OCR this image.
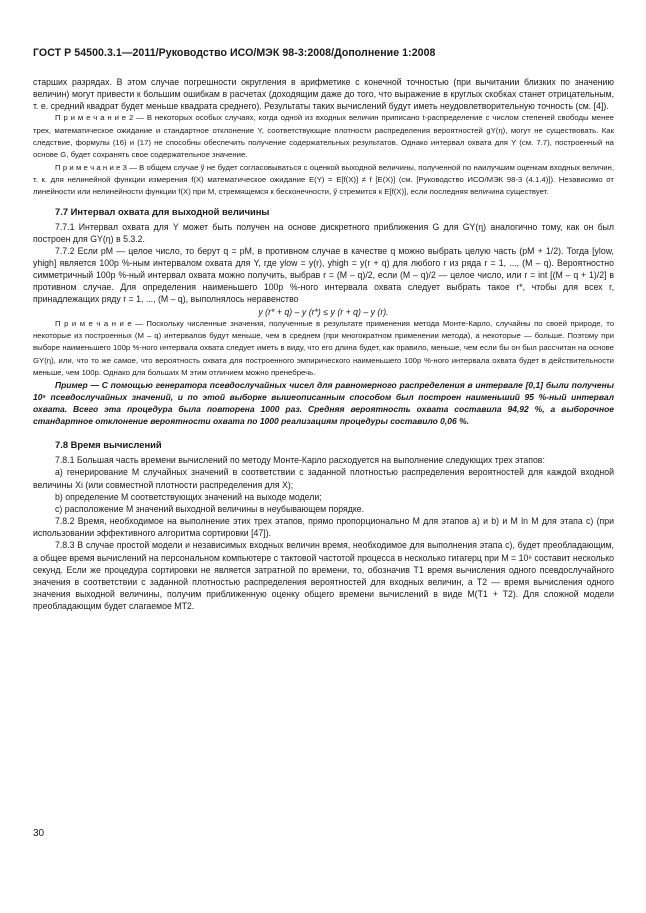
ГОСТ Р 54500.3.1—2011/Руководство ИСО/МЭК 98-3:2008/Дополнение 1:2008

старших разрядах. В этом случае погрешности округления в арифметике с конечной точностью (при вычитании близких по значению величин) могут привести к большим ошибкам в расчетах (доходящим даже до того, что выражение в круглых скобках станет отрицательным, т. е. средний квадрат будет меньше квадрата среднего). Результаты таких вычислений будут иметь неудовлетворительную точность (см. [4]).

П р и м е ч а н и е 2 — В некоторых особых случаях, когда одной из входных величин приписано t-распределение с числом степеней свободы менее трех, математическое ожидание и стандартное отклонение Y, соответствующие плотности распределения вероятностей gY(η), могут не существовать. Как следствие, формулы (16) и (17) не способны обеспечить получение содержательных результатов. Однако интервал охвата для Y (см. 7.7), построенный на основе G, будет сохранять свое содержательное значение.

П р и м е ч а н и е 3 — В общем случае ỹ не будет согласовываться с оценкой выходной величины, полученной по наилучшим оценкам входных величин, т. к. для нелинейной функции измерения f(X) математическое ожидание E(Y) = E[f(X)] ≠ f [E(X)] (см. [Руководство ИСО/МЭК 98-3 (4.1.4)]). Независимо от линейности или нелинейности функции f(X) при M, стремящемся к бесконечности, ỹ стремится к E[f(X)], если последняя величина существует.

7.7 Интервал охвата для выходной величины

7.7.1 Интервал охвата для Y может быть получен на основе дискретного приближения G для GY(η) аналогично тому, как он был построен для GY(η) в 5.3.2.

7.7.2 Если pM — целое число, то берут q = pM, в противном случае в качестве q можно выбрать целую часть (pM + 1/2). Тогда [ylow, yhigh] является 100p %-ным интервалом охвата для Y, где ylow = y(r), yhigh = y(r + q) для любого r из ряда r = 1, ..., (M – q). Вероятностно симметричный 100p %-ный интервал охвата можно получить, выбрав r = (M – q)/2, если (M – q)/2 — целое число, или r = int [(M – q + 1)/2] в противном случае. Для определения наименьшего 100p %-ного интервала охвата следует выбрать такое r*, чтобы для всех r, принадлежащих ряду r = 1, ..., (M – q), выполнялось неравенство

y (r* + q) – y (r*) ≤ y (r + q) – y (r).

П р и м е ч а н и е — Поскольку численные значения, полученные в результате применения метода Монте-Карло, случайны по своей природе, то некоторые из построенных (M – q) интервалов будут меньше, чем в среднем (при многократном применении метода), а некоторые — больше. Поэтому при выборе наименьшего 100p %-ного интервала охвата следует иметь в виду, что его длина будет, как правило, меньше, чем если бы он был рассчитан на основе GY(η), или, что то же самое, что вероятность охвата для построенного эмпирического наименьшего 100p %-ного интервала охвата будет в действительности меньше, чем 100p. Однако для больших M этим отличием можно пренебречь.

Пример — С помощью генератора псевдослучайных чисел для равномерного распределения в интервале [0,1] были получены 10⁵ псевдослучайных значений, и по этой выборке вышеописанным способом был построен наименьший 95 %-ный интервал охвата. Всего эта процедура была повторена 1000 раз. Средняя вероятность охвата составила 94,92 %, а выборочное стандартное отклонение вероятности охвата по 1000 реализациям процедуры составило 0,06 %.

7.8 Время вычислений

7.8.1 Большая часть времени вычислений по методу Монте-Карло расходуется на выполнение следующих трех этапов:

а) генерирование M случайных значений в соответствии с заданной плотностью распределения вероятностей для каждой входной величины Xi (или совместной плотности распределения для X);

b) определение M соответствующих значений на выходе модели;

c) расположение M значений выходной величины в неубывающем порядке.

7.8.2 Время, необходимое на выполнение этих трех этапов, прямо пропорционально M для этапов а) и b) и M ln M для этапа с) (при использовании эффективного алгоритма сортировки [47]).

7.8.3 В случае простой модели и независимых входных величин время, необходимое для выполнения этапа с), будет преобладающим, а общее время вычислений на персональном компьютере с тактовой частотой процесса в несколько гигагерц при M = 10⁶ составит несколько секунд. Если же процедура сортировки не является затратной по времени, то, обозначив T1 время вычисления одного псевдослучайного значения в соответствии с заданной плотностью распределения вероятностей для входных величин, а T2 — время вычисления одного значения выходной величины, получим приближенную оценку общего времени вычислений в виде M(T1 + T2). Для сложной модели преобладающим будет слагаемое MT2.

30
